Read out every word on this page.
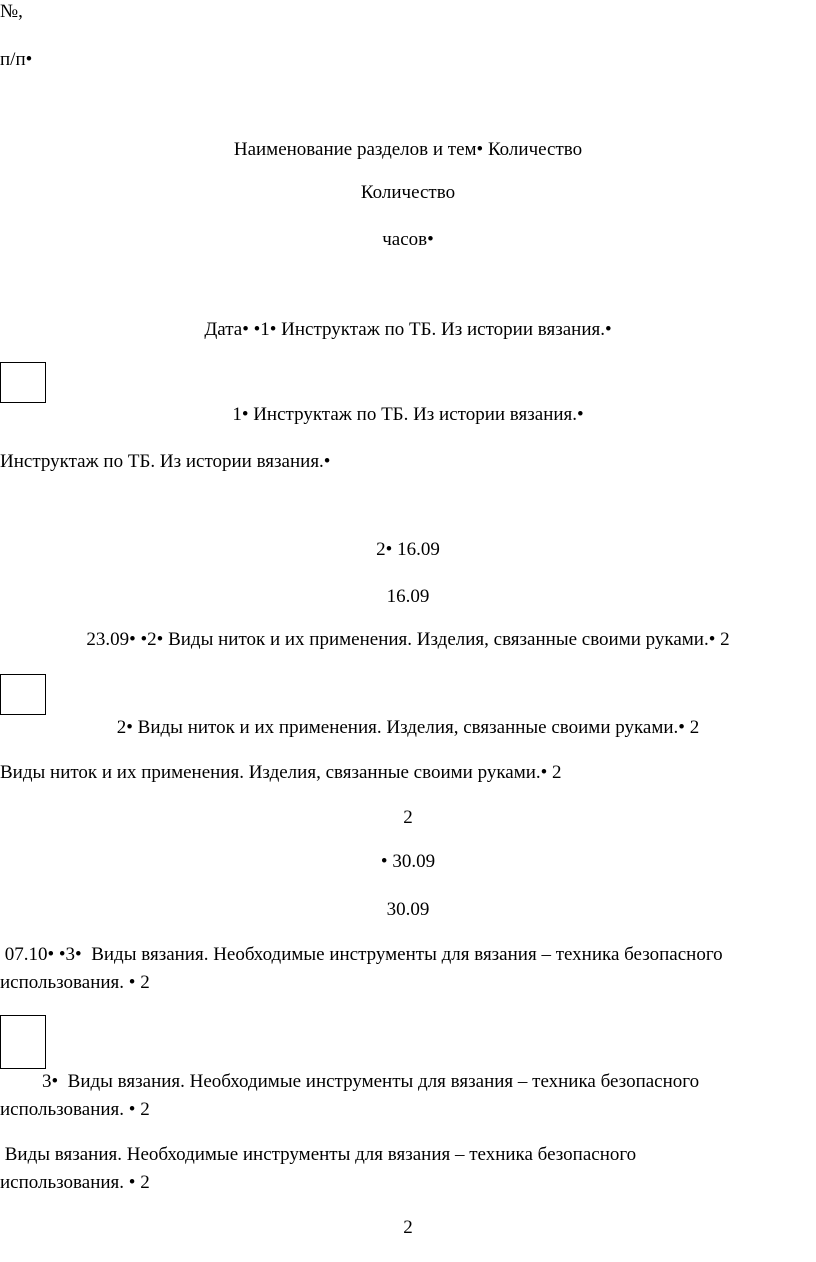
№,
п/п•
Наименование разделов и тем• Количество
Количество
часов•
Дата• •1• Инструктаж по ТБ. Из истории вязания.•
1• Инструктаж по ТБ. Из истории вязания.•
Инструктаж по ТБ. Из истории вязания.•
2• 16.09
16.09
23.09• •2• Виды ниток и их применения. Изделия, связанные своими руками.• 2
2• Виды ниток и их применения. Изделия, связанные своими руками.• 2
Виды ниток и их применения. Изделия, связанные своими руками.• 2
2
• 30.09
30.09
07.10• •3•  Виды вязания. Необходимые инструменты для вязания – техника безопасного
использования. • 2
3•  Виды вязания. Необходимые инструменты для вязания – техника безопасного
использования. • 2
Виды вязания. Необходимые инструменты для вязания – техника безопасного
использования. • 2
2
